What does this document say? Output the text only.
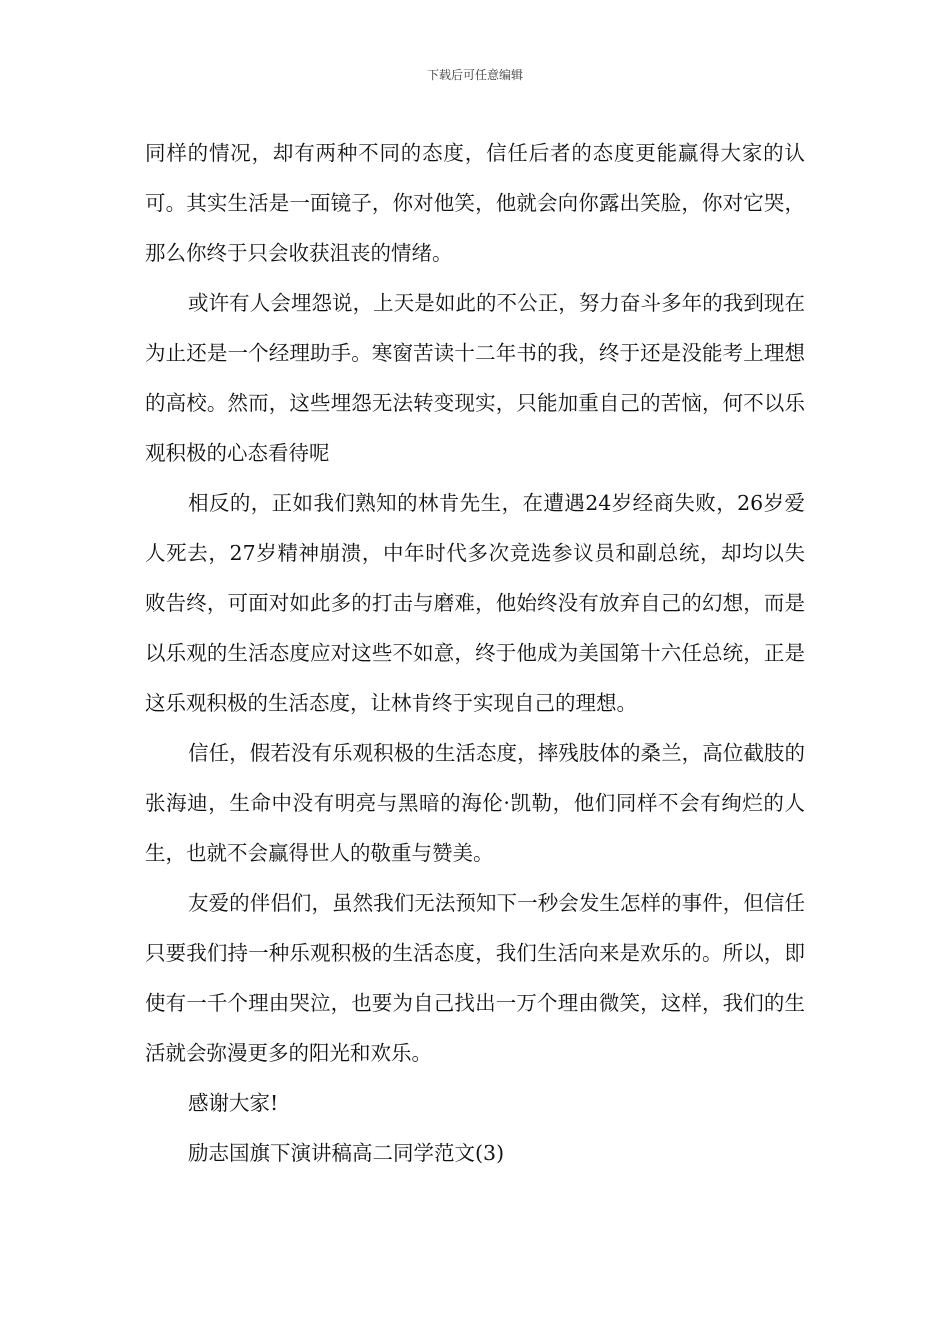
下载后可任意编辑

同样的情况，却有两种不同的态度，信任后者的态度更能赢得大家的认可。其实生活是一面镜子，你对他笑，他就会向你露出笑脸，你对它哭，那么你终于只会收获沮丧的情绪。

或许有人会埋怨说，上天是如此的不公正，努力奋斗多年的我到现在为止还是一个经理助手。寒窗苦读十二年书的我，终于还是没能考上理想的高校。然而，这些埋怨无法转变现实，只能加重自己的苦恼，何不以乐观积极的心态看待呢

相反的，正如我们熟知的林肯先生，在遭遇24岁经商失败，26岁爱人死去，27岁精神崩溃，中年时代多次竞选参议员和副总统，却均以失败告终，可面对如此多的打击与磨难，他始终没有放弃自己的幻想，而是以乐观的生活态度应对这些不如意，终于他成为美国第十六任总统，正是这乐观积极的生活态度，让林肯终于实现自己的理想。

信任，假若没有乐观积极的生活态度，摔残肢体的桑兰，高位截肢的张海迪，生命中没有明亮与黑暗的海伦·凯勒，他们同样不会有绚烂的人生，也就不会赢得世人的敬重与赞美。

友爱的伴侣们，虽然我们无法预知下一秒会发生怎样的事件，但信任只要我们持一种乐观积极的生活态度，我们生活向来是欢乐的。所以，即使有一千个理由哭泣，也要为自己找出一万个理由微笑，这样，我们的生活就会弥漫更多的阳光和欢乐。

感谢大家!

励志国旗下演讲稿高二同学范文(3)
